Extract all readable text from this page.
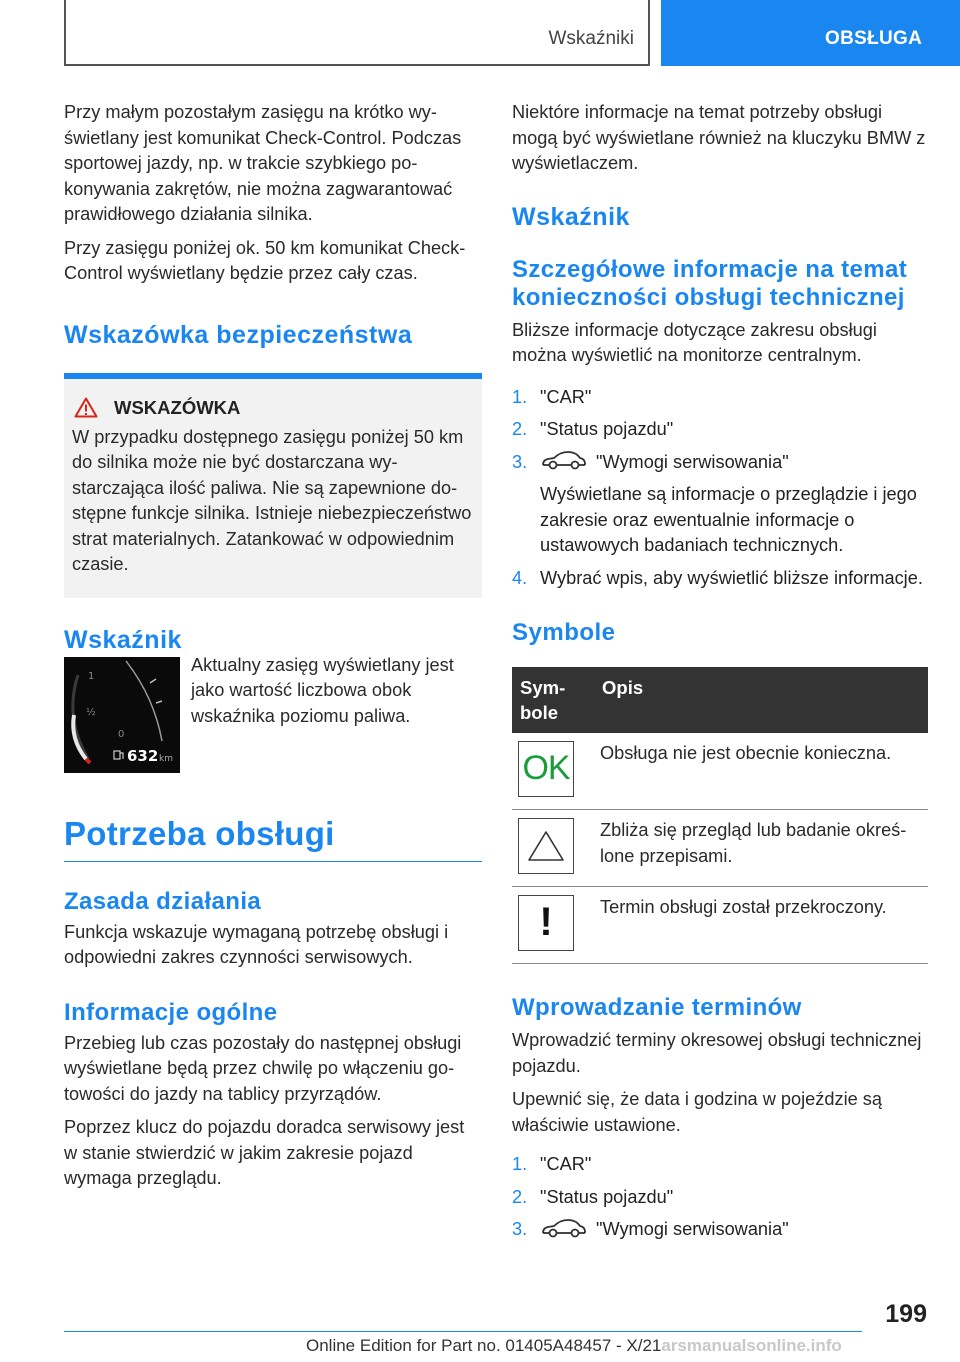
Wskaźniki	OBSŁUGA

Przy małym pozostałym zasięgu na krótko wyświetlany jest komunikat Check-Control. Podczas sportowej jazdy, np. w trakcie szybkiego pokonywania zakrętów, nie można zagwarantować prawidłowego działania silnika.

Przy zasięgu poniżej ok. 50 km komunikat Check-Control wyświetlany będzie przez cały czas.

Wskazówka bezpieczeństwa
WSKAZÓWKA

W przypadku dostępnego zasięgu poniżej 50 km do silnika może nie być dostarczana wystarczająca ilość paliwa. Nie są zapewnione dostępne funkcje silnika. Istnieje niebezpieczeństwo strat materialnych. Zatankować w odpowiednim czasie.

Wskaźnik
1
½
0
632 km

Aktualny zasięg wyświetlany jest jako wartość liczbowa obok wskaźnika poziomu paliwa.

Potrzeba obsługi
Zasada działania

Funkcja wskazuje wymaganą potrzebę obsługi i odpowiedni zakres czynności serwisowych.

Informacje ogólne

Przebieg lub czas pozostały do następnej obsługi wyświetlane będą przez chwilę po włączeniu gotowości do jazdy na tablicy przyrządów.

Poprzez klucz do pojazdu doradca serwisowy jest w stanie stwierdzić w jakim zakresie pojazd wymaga przeglądu.

Niektóre informacje na temat potrzeby obsługi mogą być wyświetlane również na kluczyku BMW z wyświetlaczem.

Wskaźnik
Szczegółowe informacje na temat konieczności obsługi technicznej

Bliższe informacje dotyczące zakresu obsługi można wyświetlić na monitorze centralnym.

1. "CAR"
2. "Status pojazdu"
3.	"Wymogi serwisowania"
Wyświetlane są informacje o przeglądzie i jego zakresie oraz ewentualnie informacje o ustawowych badaniach technicznych.
4. Wybrać wpis, aby wyświetlić bliższe informacje.
Symbole
Symbole	Opis

OK	Obsługa nie jest obecnie konieczna.

	Zbliża się przegląd lub badanie określone przepisami.

!	Termin obsługi został przekroczony.
Wprowadzanie terminów

Wprowadzić terminy okresowej obsługi technicznej pojazdu.

Upewnić się, że data i godzina w pojeździe są właściwie ustawione.

1. "CAR"
2. "Status pojazdu"
3.	"Wymogi serwisowania"
199
Online Edition for Part no. 01405A48457 - X/21arsmanualsonline.info
